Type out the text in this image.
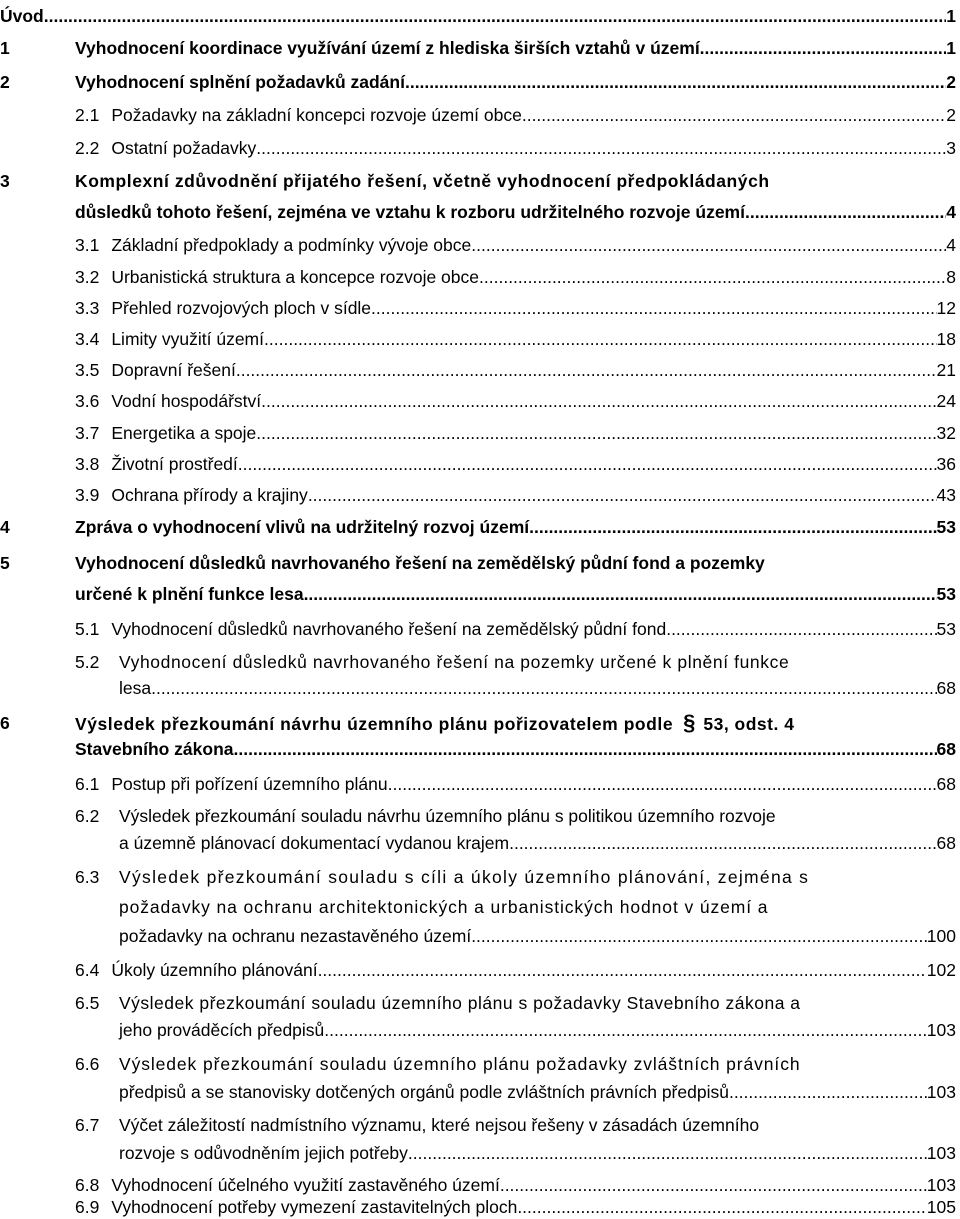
Úvod .....	1
1	Vyhodnocení koordinace využívání území z hlediska širších vztahů v území. .....	1
2	Vyhodnocení splnění požadavků zadání. .....	2
2.1 Požadavky na základní koncepci rozvoje území obce .....	2
2.2 Ostatní požadavky .....	3
3	Komplexní zdůvodnění přijatého řešení, včetně vyhodnocení předpokládaných
důsledků tohoto řešení, zejména ve vztahu k rozboru udržitelného rozvoje území .....	4
3.1 Základní předpoklady a podmínky vývoje obce .....	4
3.2 Urbanistická struktura a koncepce rozvoje obce .....	8
3.3 Přehled rozvojových ploch v sídle .....	12
3.4 Limity využití území .....	18
3.5 Dopravní řešení .....	21
3.6 Vodní hospodářství .....	24
3.7 Energetika a spoje .....	32
3.8 Životní prostředí .....	36
3.9 Ochrana přírody a krajiny .....	43
4	Zpráva o vyhodnocení vlivů na udržitelný rozvoj území .....	53
5	Vyhodnocení důsledků navrhovaného řešení na zemědělský půdní fond a pozemky
určené k plnění funkce lesa .....	53
5.1 Vyhodnocení důsledků navrhovaného řešení na zemědělský půdní fond .....	53
5.2 Vyhodnocení důsledků navrhovaného řešení na pozemky určené k plnění funkce
lesa .....	68
6	Výsledek přezkoumání návrhu územního plánu pořizovatelem podle § 53, odst. 4
Stavebního zákona .....	68
6.1 Postup při pořízení územního plánu .....	68
6.2 Výsledek přezkoumání souladu návrhu územního plánu s politikou územního rozvoje
a územně plánovací dokumentací vydanou krajem .....	68
6.3 Výsledek přezkoumání souladu s cíli a úkoly územního plánování, zejména s
požadavky na ochranu architektonických a urbanistických hodnot v území a
požadavky na ochranu nezastavěného území .....	100
6.4 Úkoly územního plánování .....	102
6.5 Výsledek přezkoumání souladu územního plánu s požadavky Stavebního zákona a
jeho prováděcích předpisů .....	103
6.6 Výsledek přezkoumání souladu územního plánu požadavky zvláštních právních
předpisů a se stanovisky dotčených orgánů podle zvláštních právních předpisů .....	103
6.7 Výčet záležitostí nadmístního významu, které nejsou řešeny v zásadách územního
rozvoje s odůvodněním jejich potřeby .....	103
6.8 Vyhodnocení účelného využití zastavěného území .....	103
6.9 Vyhodnocení potřeby vymezení zastavitelných ploch .....	105
